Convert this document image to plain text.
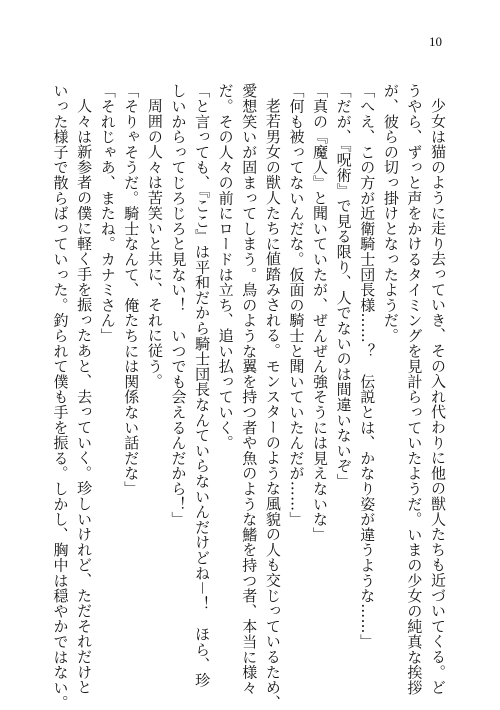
10

少女は猫のように走り去っていき、その入れ代わりに他の獣人たちも近づいてくる。ど

うやら、ずっと声をかけるタイミングを見計らっていたようだ。いまの少女の純真な挨拶

が、彼らの切っ掛けとなったようだ。

「へえ、この方が近衛騎士団長様……？　伝説とは、かなり姿が違うような……」

「だが、『呪術』で見る限り、人でないのは間違いないぞ」

「真の『魔人』と聞いていたが、ぜんぜん強そうには見えないな」

「何も被ってないんだな。仮面の騎士と聞いていたんだが……」

老若男女の獣人たちに値踏みされる。モンスターのような風貌の人も交じっているため、

愛想笑いが固まってしまう。鳥のような翼を持つ者や魚のような鰭を持つ者、本当に様々

だ。その人々の前にロードは立ち、追い払っていく。

「と言っても、『ここ』は平和だから騎士団長なんていらないんだけどね－！　ほら、珍

しいからってじろじろと見ない！　いつでも会えるんだから！」

周囲の人々は苦笑いと共に、それに従う。

「そりゃそうだ。騎士なんて、俺たちには関係ない話だな」

「それじゃあ、またね。カナミさん」

人々は新参者の僕に軽く手を振ったあと、去っていく。珍しいけれど、ただそれだけと

いった様子で散らばっていった。釣られて僕も手を振る。しかし、胸中は穏やかではない。
